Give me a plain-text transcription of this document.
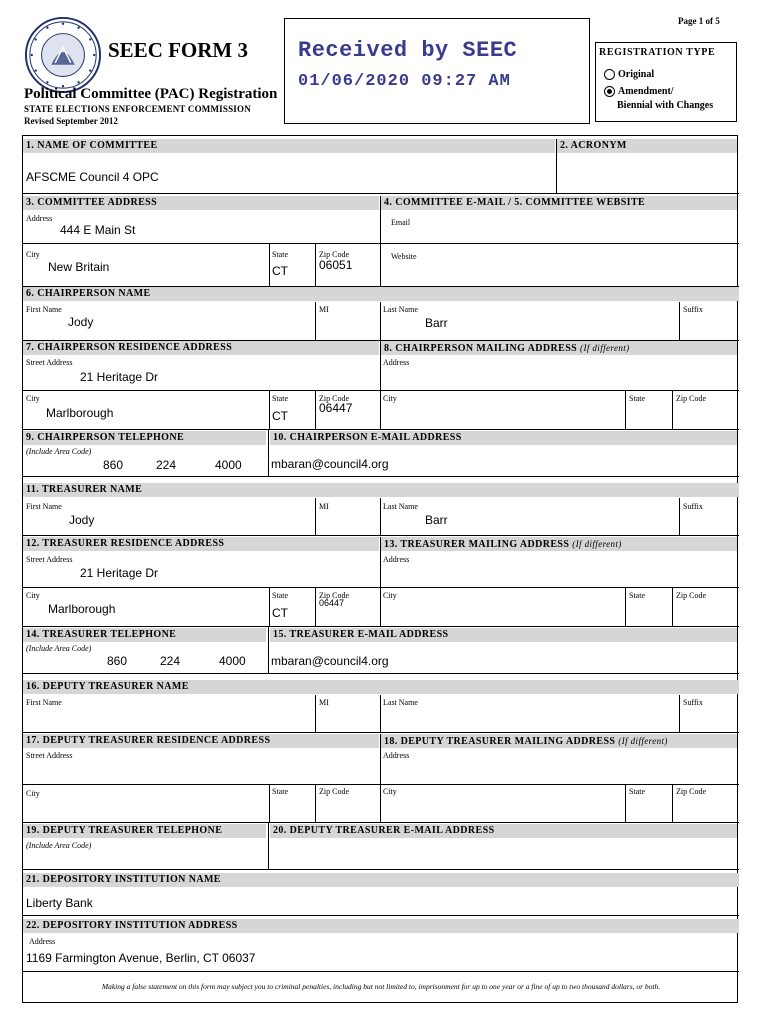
SEEC FORM 3
Political Committee (PAC) Registration
STATE ELECTIONS ENFORCEMENT COMMISSION
Revised September 2012
Received by SEEC
01/06/2020 09:27 AM
Page 1 of 5
REGISTRATION TYPE
Original
Amendment/
Biennial with Changes
1. NAME OF COMMITTEE	2. ACRONYM
AFSCME Council 4 OPC
3. COMMITTEE ADDRESS	4. COMMITTEE E-MAIL / 5. COMMITTEE WEBSITE
Address
444 E Main St
Email
City
New Britain
State
CT
Zip Code
06051
Website
6. CHAIRPERSON NAME
First Name
Jody
MI	Last Name
Barr
Suffix
7. CHAIRPERSON RESIDENCE ADDRESS	8. CHAIRPERSON MAILING ADDRESS (If different)
Street Address
21 Heritage Dr
Address
City
Marlborough
State
CT
Zip Code
06447
City	State	Zip Code
9. CHAIRPERSON TELEPHONE	10. CHAIRPERSON E-MAIL ADDRESS
(Include Area Code)
860	224	4000 mbaran@council4.org
11. TREASURER NAME
First Name
Jody
MI	Last Name
Barr
Suffix
12. TREASURER RESIDENCE ADDRESS	13. TREASURER MAILING ADDRESS (If different)
Street Address
21 Heritage Dr
Address
City
Marlborough
State
CT
Zip Code
06447
City	State	Zip Code
14. TREASURER TELEPHONE	15. TREASURER E-MAIL ADDRESS
(Include Area Code)
860	224	4000 mbaran@council4.org
16. DEPUTY TREASURER NAME
First Name	MI	Last Name	Suffix
17. DEPUTY TREASURER RESIDENCE ADDRESS	18. DEPUTY TREASURER MAILING ADDRESS (If different)
Street Address	Address
City	State	Zip Code	City	State	Zip Code
19. DEPUTY TREASURER TELEPHONE	20. DEPUTY TREASURER E-MAIL ADDRESS
(Include Area Code)
21. DEPOSITORY INSTITUTION NAME
Liberty Bank
22. DEPOSITORY INSTITUTION ADDRESS
Address
1169 Farmington Avenue, Berlin, CT 06037
Making a false statement on this form may subject you to criminal penalties, including but not limited to, imprisonment for up to one year or a fine of up to two thousand dollars, or both.
